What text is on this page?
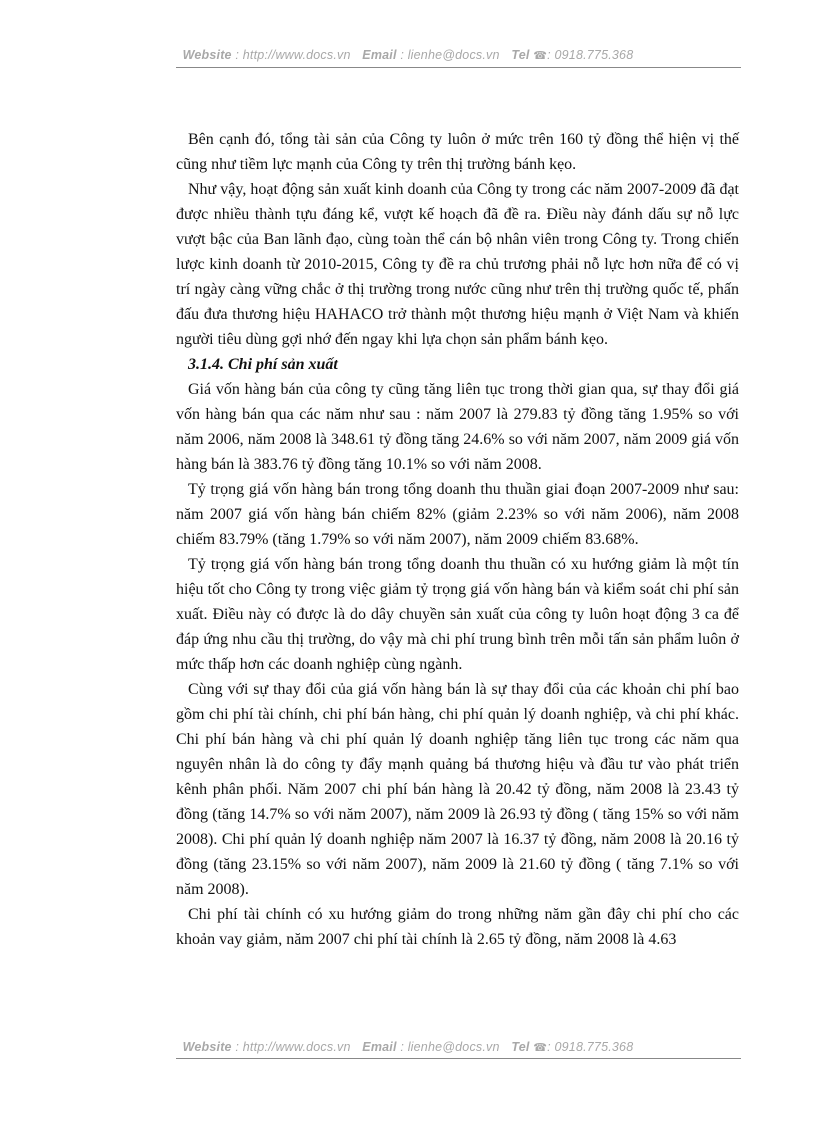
Website : http://www.docs.vn Email : lienhe@docs.vn Tel ☎: 0918.775.368

Bên cạnh đó, tổng tài sản của Công ty luôn ở mức trên 160 tỷ đồng thể hiện vị thế cũng như tiềm lực mạnh của Công ty trên thị trường bánh kẹo.

Như vậy, hoạt động sản xuất kinh doanh của Công ty trong các năm 2007-2009 đã đạt được nhiều thành tựu đáng kể, vượt kế hoạch đã đề ra. Điều này đánh dấu sự nỗ lực vượt bậc của Ban lãnh đạo, cùng toàn thể cán bộ nhân viên trong Công ty. Trong chiến lược kinh doanh từ 2010-2015, Công ty đề ra chủ trương phải nỗ lực hơn nữa để có vị trí ngày càng vững chắc ở thị trường trong nước cũng như trên thị trường quốc tế, phấn đấu đưa thương hiệu HAHACO trở thành một thương hiệu mạnh ở Việt Nam và khiến người tiêu dùng gợi nhớ đến ngay khi lựa chọn sản phẩm bánh kẹo.

3.1.4. Chi phí sản xuất

Giá vốn hàng bán của công ty cũng tăng liên tục trong thời gian qua, sự thay đổi giá vốn hàng bán qua các năm như sau : năm 2007 là 279.83 tỷ đồng tăng 1.95% so với năm 2006, năm 2008 là 348.61 tỷ đồng tăng 24.6% so với năm 2007, năm 2009 giá vốn hàng bán là 383.76 tỷ đồng tăng 10.1% so với năm 2008.

Tỷ trọng giá vốn hàng bán trong tổng doanh thu thuần giai đoạn 2007-2009 như sau: năm 2007 giá vốn hàng bán chiếm 82% (giảm 2.23% so với năm 2006), năm 2008 chiếm 83.79% (tăng 1.79% so với năm 2007), năm 2009 chiếm 83.68%.

Tỷ trọng giá vốn hàng bán trong tổng doanh thu thuần có xu hướng giảm là một tín hiệu tốt cho Công ty trong việc giảm tỷ trọng giá vốn hàng bán và kiểm soát chi phí sản xuất. Điều này có được là do dây chuyền sản xuất của công ty luôn hoạt động 3 ca để đáp ứng nhu cầu thị trường, do vậy mà chi phí trung bình trên mỗi tấn sản phẩm luôn ở mức thấp hơn các doanh nghiệp cùng ngành.

Cùng với sự thay đổi của giá vốn hàng bán là sự thay đổi của các khoản chi phí bao gồm chi phí tài chính, chi phí bán hàng, chi phí quản lý doanh nghiệp, và chi phí khác. Chi phí bán hàng và chi phí quản lý doanh nghiệp tăng liên tục trong các năm qua nguyên nhân là do công ty đẩy mạnh quảng bá thương hiệu và đầu tư vào phát triển kênh phân phối. Năm 2007 chi phí bán hàng là 20.42 tỷ đồng, năm 2008 là 23.43 tỷ đồng (tăng 14.7% so với năm 2007), năm 2009 là 26.93 tỷ đồng ( tăng 15% so với năm 2008). Chi phí quản lý doanh nghiệp năm 2007 là 16.37 tỷ đồng, năm 2008 là 20.16 tỷ đồng (tăng 23.15% so với năm 2007), năm 2009 là 21.60 tỷ đồng ( tăng 7.1% so với năm 2008).

Chi phí tài chính có xu hướng giảm do trong những năm gần đây chi phí cho các khoản vay giảm, năm 2007 chi phí tài chính là 2.65 tỷ đồng, năm 2008 là 4.63

Website : http://www.docs.vn Email : lienhe@docs.vn Tel ☎: 0918.775.368
